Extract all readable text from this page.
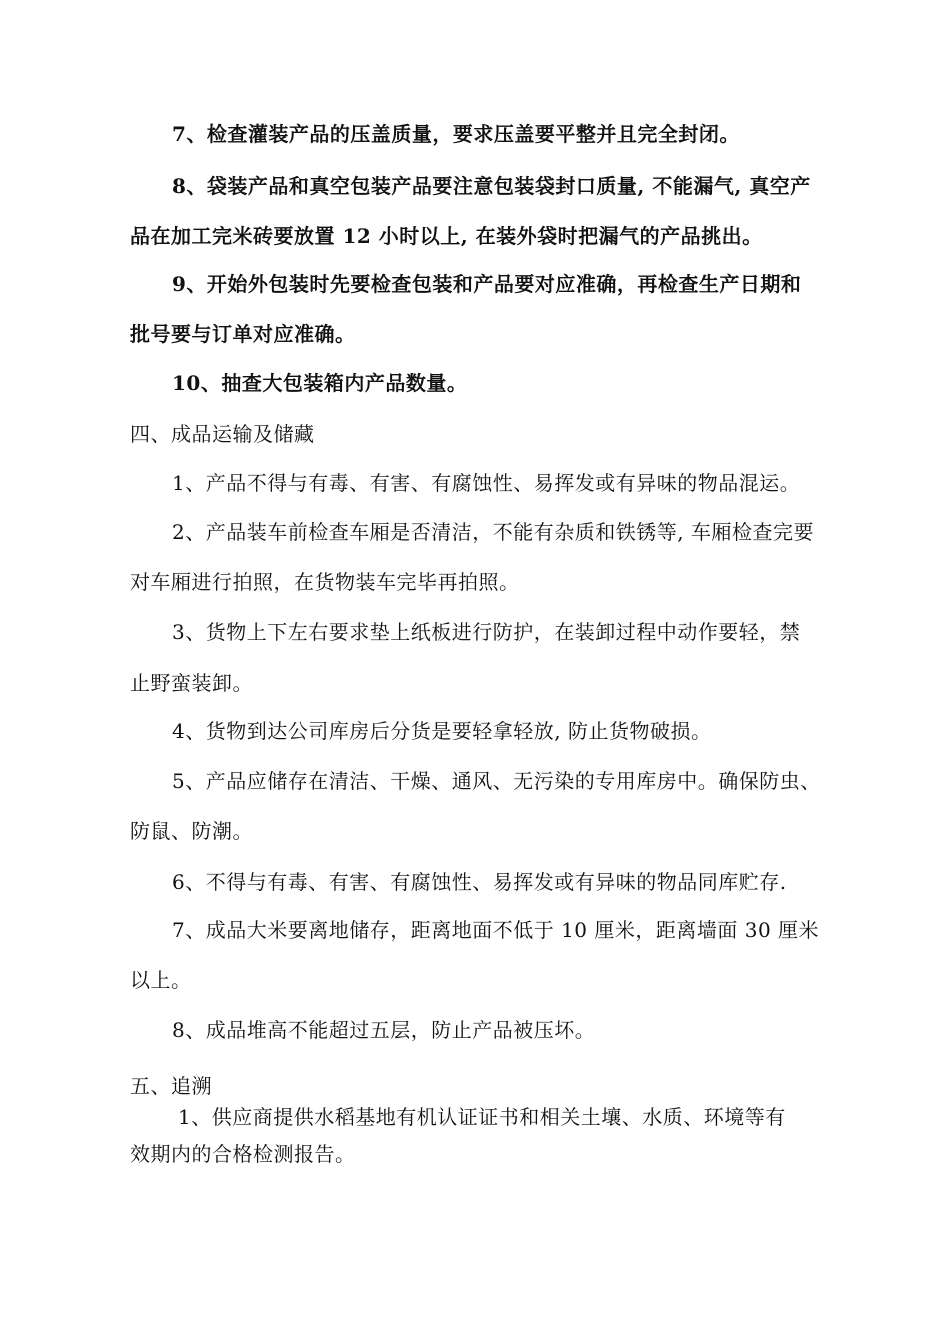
7、检查灌装产品的压盖质量，要求压盖要平整并且完全封闭。

8、袋装产品和真空包装产品要注意包装袋封口质量, 不能漏气, 真空产

品在加工完米砖要放置 12 小时以上, 在装外袋时把漏气的产品挑出。

9、开始外包装时先要检查包装和产品要对应准确，再检查生产日期和

批号要与订单对应准确。

10、抽查大包装箱内产品数量。

四、成品运输及储藏

1、产品不得与有毒、有害、有腐蚀性、易挥发或有异味的物品混运。

2、产品装车前检查车厢是否清洁，不能有杂质和铁锈等, 车厢检查完要

对车厢进行拍照，在货物装车完毕再拍照。

3、货物上下左右要求垫上纸板进行防护，在装卸过程中动作要轻，禁

止野蛮装卸。

4、货物到达公司库房后分货是要轻拿轻放, 防止货物破损。

5、产品应储存在清洁、干燥、通风、无污染的专用库房中。确保防虫、

防鼠、防潮。

6、不得与有毒、有害、有腐蚀性、易挥发或有异味的物品同库贮存.

7、成品大米要离地储存，距离地面不低于 10 厘米，距离墙面 30 厘米

以上。

8、成品堆高不能超过五层，防止产品被压坏。

五、追溯

1、供应商提供水稻基地有机认证证书和相关土壤、水质、环境等有

效期内的合格检测报告。
